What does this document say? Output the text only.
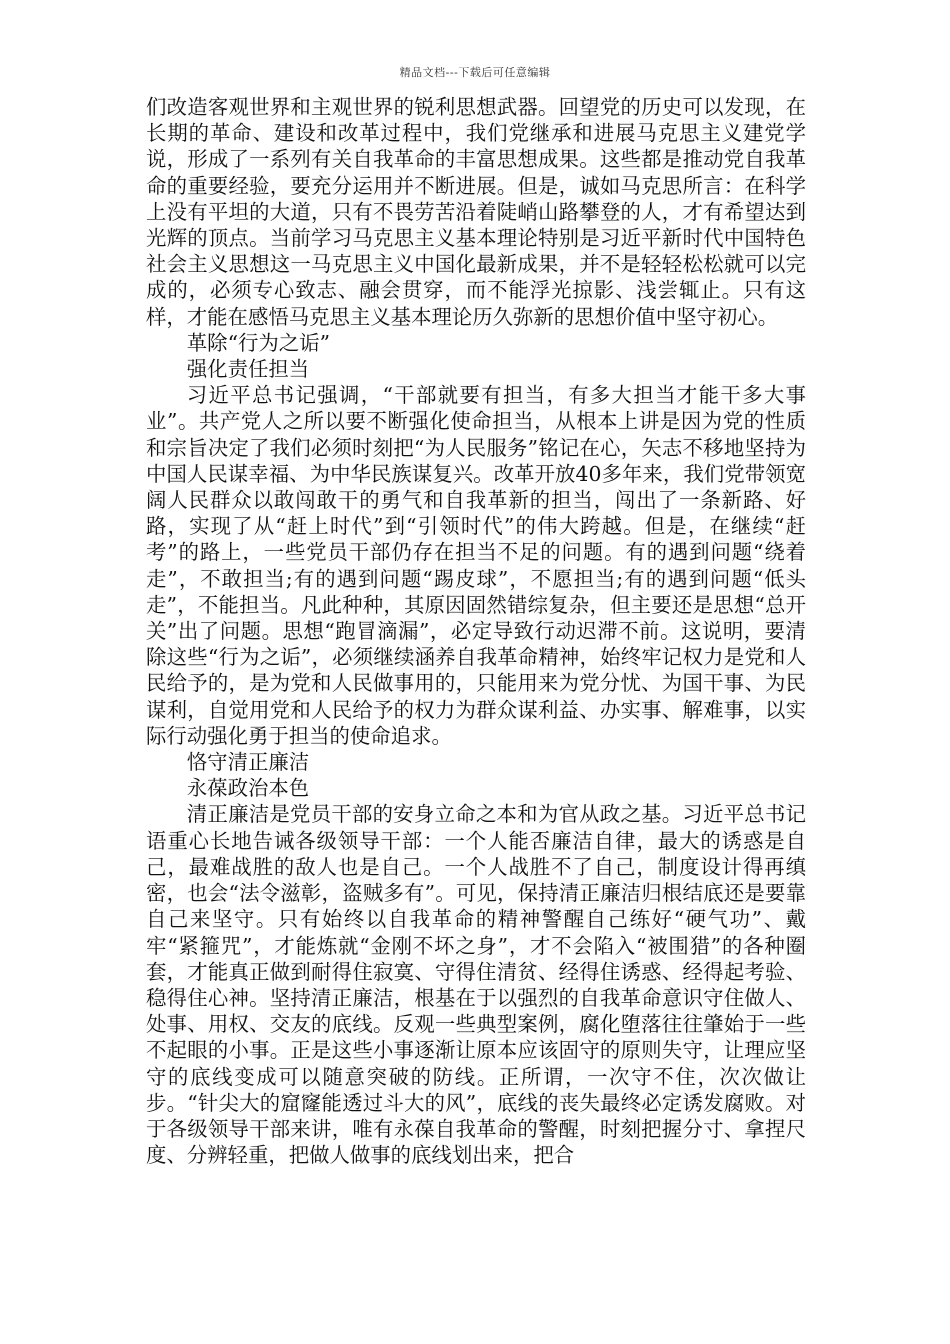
精品文档---下载后可任意编辑

们改造客观世界和主观世界的锐利思想武器。回望党的历史可以发现，在长期的革命、建设和改革过程中，我们党继承和进展马克思主义建党学说，形成了一系列有关自我革命的丰富思想成果。这些都是推动党自我革命的重要经验，要充分运用并不断进展。但是，诚如马克思所言：在科学上没有平坦的大道，只有不畏劳苦沿着陡峭山路攀登的人，才有希望达到光辉的顶点。当前学习马克思主义基本理论特别是习近平新时代中国特色社会主义思想这一马克思主义中国化最新成果，并不是轻轻松松就可以完成的，必须专心致志、融会贯穿，而不能浮光掠影、浅尝辄止。只有这样，才能在感悟马克思主义基本理论历久弥新的思想价值中坚守初心。

革除“行为之诟”

强化责任担当

习近平总书记强调，“干部就要有担当，有多大担当才能干多大事业”。共产党人之所以要不断强化使命担当，从根本上讲是因为党的性质和宗旨决定了我们必须时刻把“为人民服务”铭记在心，矢志不移地坚持为中国人民谋幸福、为中华民族谋复兴。改革开放40多年来，我们党带领宽阔人民群众以敢闯敢干的勇气和自我革新的担当，闯出了一条新路、好路，实现了从“赶上时代”到“引领时代”的伟大跨越。但是，在继续“赶考”的路上，一些党员干部仍存在担当不足的问题。有的遇到问题“绕着走”，不敢担当;有的遇到问题“踢皮球”，不愿担当;有的遇到问题“低头走”，不能担当。凡此种种，其原因固然错综复杂，但主要还是思想“总开关”出了问题。思想“跑冒滴漏”，必定导致行动迟滞不前。这说明，要清除这些“行为之诟”，必须继续涵养自我革命精神，始终牢记权力是党和人民给予的，是为党和人民做事用的，只能用来为党分忧、为国干事、为民谋利，自觉用党和人民给予的权力为群众谋利益、办实事、解难事，以实际行动强化勇于担当的使命追求。

恪守清正廉洁

永葆政治本色

清正廉洁是党员干部的安身立命之本和为官从政之基。习近平总书记语重心长地告诫各级领导干部：一个人能否廉洁自律，最大的诱惑是自己，最难战胜的敌人也是自己。一个人战胜不了自己，制度设计得再缜密，也会“法令滋彰，盗贼多有”。可见，保持清正廉洁归根结底还是要靠自己来坚守。只有始终以自我革命的精神警醒自己练好“硬气功”、戴牢“紧箍咒”，才能炼就“金刚不坏之身”，才不会陷入“被围猎”的各种圈套，才能真正做到耐得住寂寞、守得住清贫、经得住诱惑、经得起考验、稳得住心神。坚持清正廉洁，根基在于以强烈的自我革命意识守住做人、处事、用权、交友的底线。反观一些典型案例，腐化堕落往往肇始于一些不起眼的小事。正是这些小事逐渐让原本应该固守的原则失守，让理应坚守的底线变成可以随意突破的防线。正所谓，一次守不住，次次做让步。“针尖大的窟窿能透过斗大的风”，底线的丧失最终必定诱发腐败。对于各级领导干部来讲，唯有永葆自我革命的警醒，时刻把握分寸、拿捏尺度、分辨轻重，把做人做事的底线划出来，把合
